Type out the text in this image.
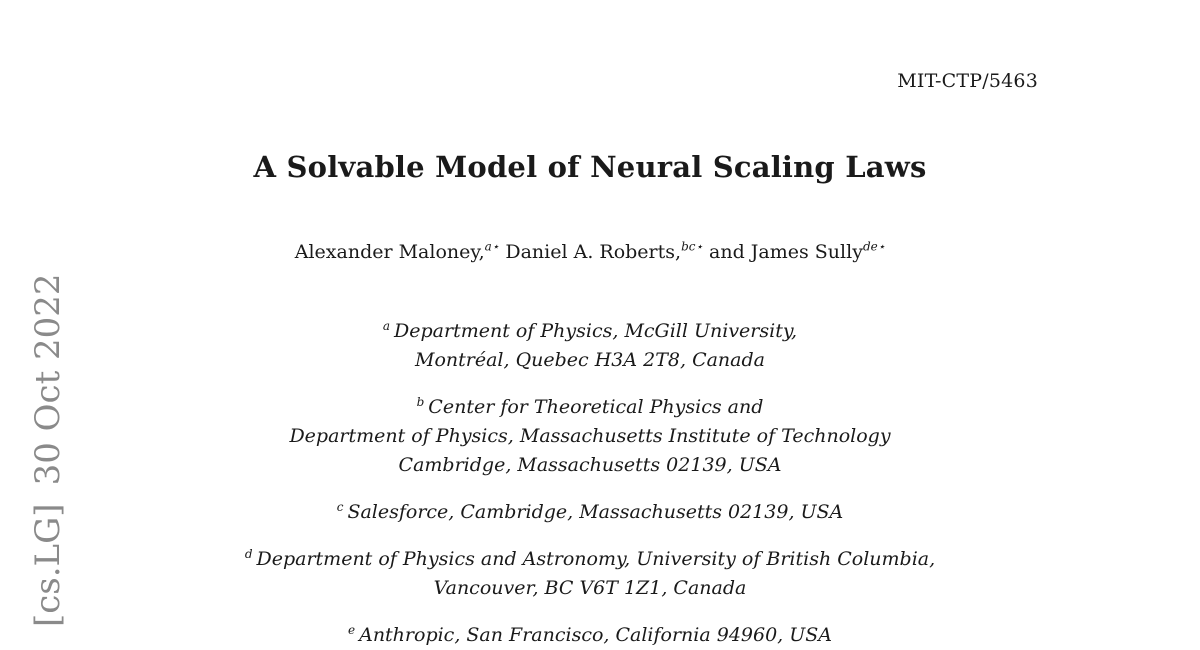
MIT-CTP/5463
[cs.LG]30 Oct 2022
A Solvable Model of Neural Scaling Laws
Alexander Maloney,$^{a⋆}$ Daniel A. Roberts,$^{bc⋆}$ and James Sully$^{de⋆}$
$^a$ Department of Physics, McGill University,
Montréal, Quebec H3A 2T8, Canada
$^b$ Center for Theoretical Physics and
Department of Physics, Massachusetts Institute of Technology
Cambridge, Massachusetts 02139, USA
$^c$ Salesforce, Cambridge, Massachusetts 02139, USA
$^d$ Department of Physics and Astronomy, University of British Columbia,
Vancouver, BC V6T 1Z1, Canada
$^e$ Anthropic, San Francisco, California 94960, USA
